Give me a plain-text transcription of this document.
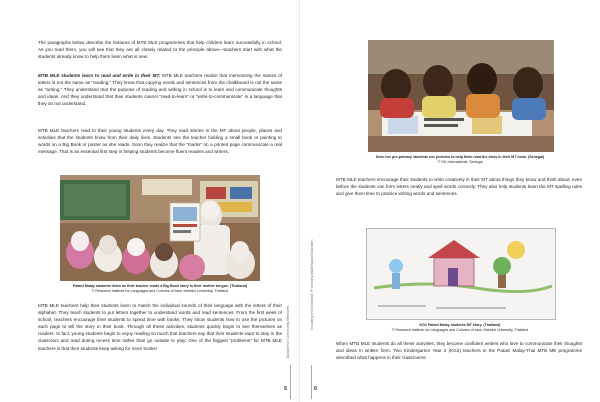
The paragraphs below describe the features of MTB MLE programmes that help children learn successfully in school. As you read them, you will see that they are all closely related to the principle above—teachers start with what the students already know to help them learn what is new.

MTB MLE students learn to read and write in their MT. MTB MLE teachers realize that memorizing the names of letters is not the same as “reading.” They know that copying words and sentences from the chalkboard is not the same as “writing.” They understand that the purpose of reading and writing in school is to learn and communicate thoughts and ideas. And they understand that their students cannot “read-to-learn” or “write-to-communicate” in a language that they do not understand.

MTB MLE teachers read to their young students every day. They read stories in the MT about people, places and activities that the students know from their daily lives. Students see the teacher holding a small book or pointing to words on a Big Book or poster as she reads. Soon they realize that the “marks” on a printed page communicate a real message. That is an essential first step in helping students become fluent readers and writers.

Patani Malay students listen as their teacher reads a Big Book story in their mother tongue. (Thailand)
© Research Institute for Languages and Cultures of Asia, Mahidol University, Thailand

MTB MLE teachers help their students learn to match the individual sounds of their language with the letters of their alphabet. They teach students to put letters together to understand words and read sentences. From the first week of school, teachers encourage their students to spend time with books. They show students how to use the pictures on each page to tell the story in their book. Through all these activities, students quickly begin to see themselves as readers. In fact, young students begin to enjoy reading so much that teachers say that their students want to stay in the classroom and read during recess time rather than go outside to play. One of the biggest “problems” for MTB MLE teachers is that their students keep asking for more books!	Booklet for Community Members
5
Including the Excluded: Promoting Multilingual Education
6

Seen her pre-primary students use pictures to help them read the story in their MT book. (Senegal)
© SIL International, Senegal

MTB MLE teachers encourage their students to write creatively in their MT about things they know and think about, even before the students can form letters neatly and spell words correctly. They also help students learn the MT spelling rules and give them time to practice writing words and sentences.

KG2 Patani Malay students MT story. (Thailand)
© Research Institute for Languages and Cultures of Asia, Mahidol University, Thailand

When MTB MLE students do all these activities, they become confident writers who love to communicate their thoughts and ideas in written form. Two Kindergarten Year 2 (KG2) teachers in the Patani Malay-Thai MTB ME programme described what happens in their classrooms:
